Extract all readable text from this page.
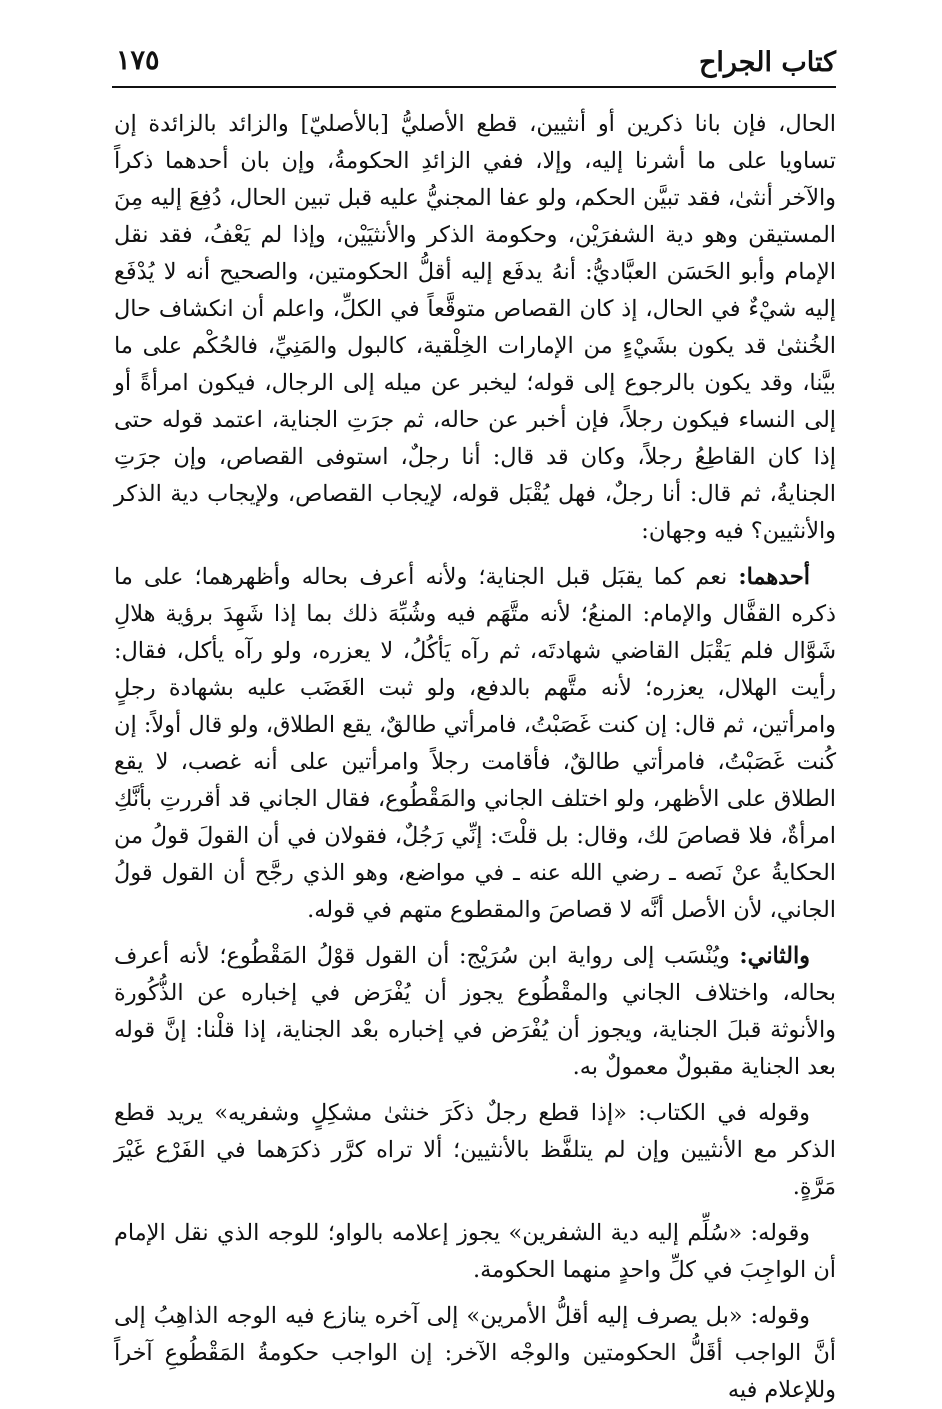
كتاب الجراح
١٧٥

الحال، فإن بانا ذكرين أو أنثيين، قطع الأصليُّ [بالأصليّ] والزائد بالزائدة إن تساويا على ما أشرنا إليه، وإلا، ففي الزائدِ الحكومةُ، وإن بان أحدهما ذكراً والآخر أنثىٰ، فقد تبيَّن الحكم، ولو عفا المجنيُّ عليه قبل تبين الحال، دُفِعَ إليه مِنَ المستيقن وهو دية الشفرَيْن، وحكومة الذكر والأنثيَيْن، وإذا لم يَعْفُ، فقد نقل الإمام وأبو الحَسَن العبَّاديُّ: أنهُ يدفَع إليه أقلُّ الحكومتين، والصحيح أنه لا يُدْفَع إليه شيْءٌ في الحال، إذ كان القصاص متوقَّعاً في الكلِّ، واعلم أن انكشاف حال الخُنثىٰ قد يكون بشَيْءٍ من الإمارات الخِلْقية، كالبول والمَنِيِّ، فالحُكْم على ما بيَّنا، وقد يكون بالرجوع إلى قوله؛ ليخبر عن ميله إلى الرجال، فيكون امرأةً أو إلى النساء فيكون رجلاً، فإن أخبر عن حاله، ثم جرَتِ الجناية، اعتمد قوله حتى إذا كان القاطِعُ رجلاً، وكان قد قال: أنا رجلٌ، استوفى القصاص، وإن جرَتِ الجنايةُ، ثم قال: أنا رجلٌ، فهل يُقْبَل قوله، لإيجاب القصاص، ولإيجاب دية الذكر والأنثيين؟ فيه وجهان:

أحدهما: نعم كما يقبَل قبل الجناية؛ ولأنه أعرف بحاله وأظهرهما؛ على ما ذكره القفَّال والإمام: المنعُ؛ لأنه متَّهَم فيه وشُبِّهَ ذلك بما إذا شَهِدَ برؤية هلالِ شَوَّال فلم يَقْبَل القاضي شهادتَه، ثم رآه يَأكُلُ، لا يعزره، ولو رآه يأكل، فقال: رأيت الهلال، يعزره؛ لأنه متَّهم بالدفع، ولو ثبت الغَضَب عليه بشهادة رجلٍ وامرأتين، ثم قال: إن كنت غَصَبْتُ، فامرأتي طالقٌ، يقع الطلاق، ولو قال أولاً: إن كُنت غَصَبْتُ، فامرأتي طالقٌ، فأقامت رجلاً وامرأتين على أنه غصب، لا يقع الطلاق على الأظهر، ولو اختلف الجاني والمَقْطُوع، فقال الجاني قد أقررتِ بأنَّكِ امرأةٌ، فلا قصاصَ لك، وقال: بل قلْتَ: إنِّي رَجُلٌ، فقولان في أن القولَ قولُ من الحكايةُ عنْ نَصه ـ رضي الله عنه ـ في مواضع، وهو الذي رجَّح أن القول قولُ الجاني، لأن الأصل أنَّه لا قصاصَ والمقطوع متهم في قوله.

والثاني: ويُنْسَب إلى رواية ابن سُرَيْج: أن القول قوْلُ المَقْطُوع؛ لأنه أعرف بحاله، واختلاف الجاني والمقْطُوع يجوز أن يُفْرَض في إخباره عن الذُّكُورة والأنوثة قبلَ الجناية، ويجوز أن يُفْرَض في إخباره بعْد الجناية، إذا قلْنا: إنَّ قوله بعد الجناية مقبولٌ معمولٌ به.

وقوله في الكتاب: «إذا قطع رجلٌ ذكَرَ خنثىٰ مشكِلٍ وشفريه» يريد قطع الذكر مع الأنثيين وإن لم يتلفَّظ بالأنثيين؛ ألا تراه كرَّر ذكرَهما في الفَرْع غَيْرَ مَرَّةٍ.

وقوله: «سُلِّم إليه دية الشفرين» يجوز إعلامه بالواو؛ للوجه الذي نقل الإمام أن الواجِبَ في كلِّ واحدٍ منهما الحكومة.

وقوله: «بل يصرف إليه أقلُّ الأمرين» إلى آخره ينازع فيه الوجه الذاهِبُ إلى أنَّ الواجب أقَلُّ الحكومتين والوجْه الآخر: إن الواجب حكومةُ المَقْطُوعِ آخراً وللإعلام فيه
